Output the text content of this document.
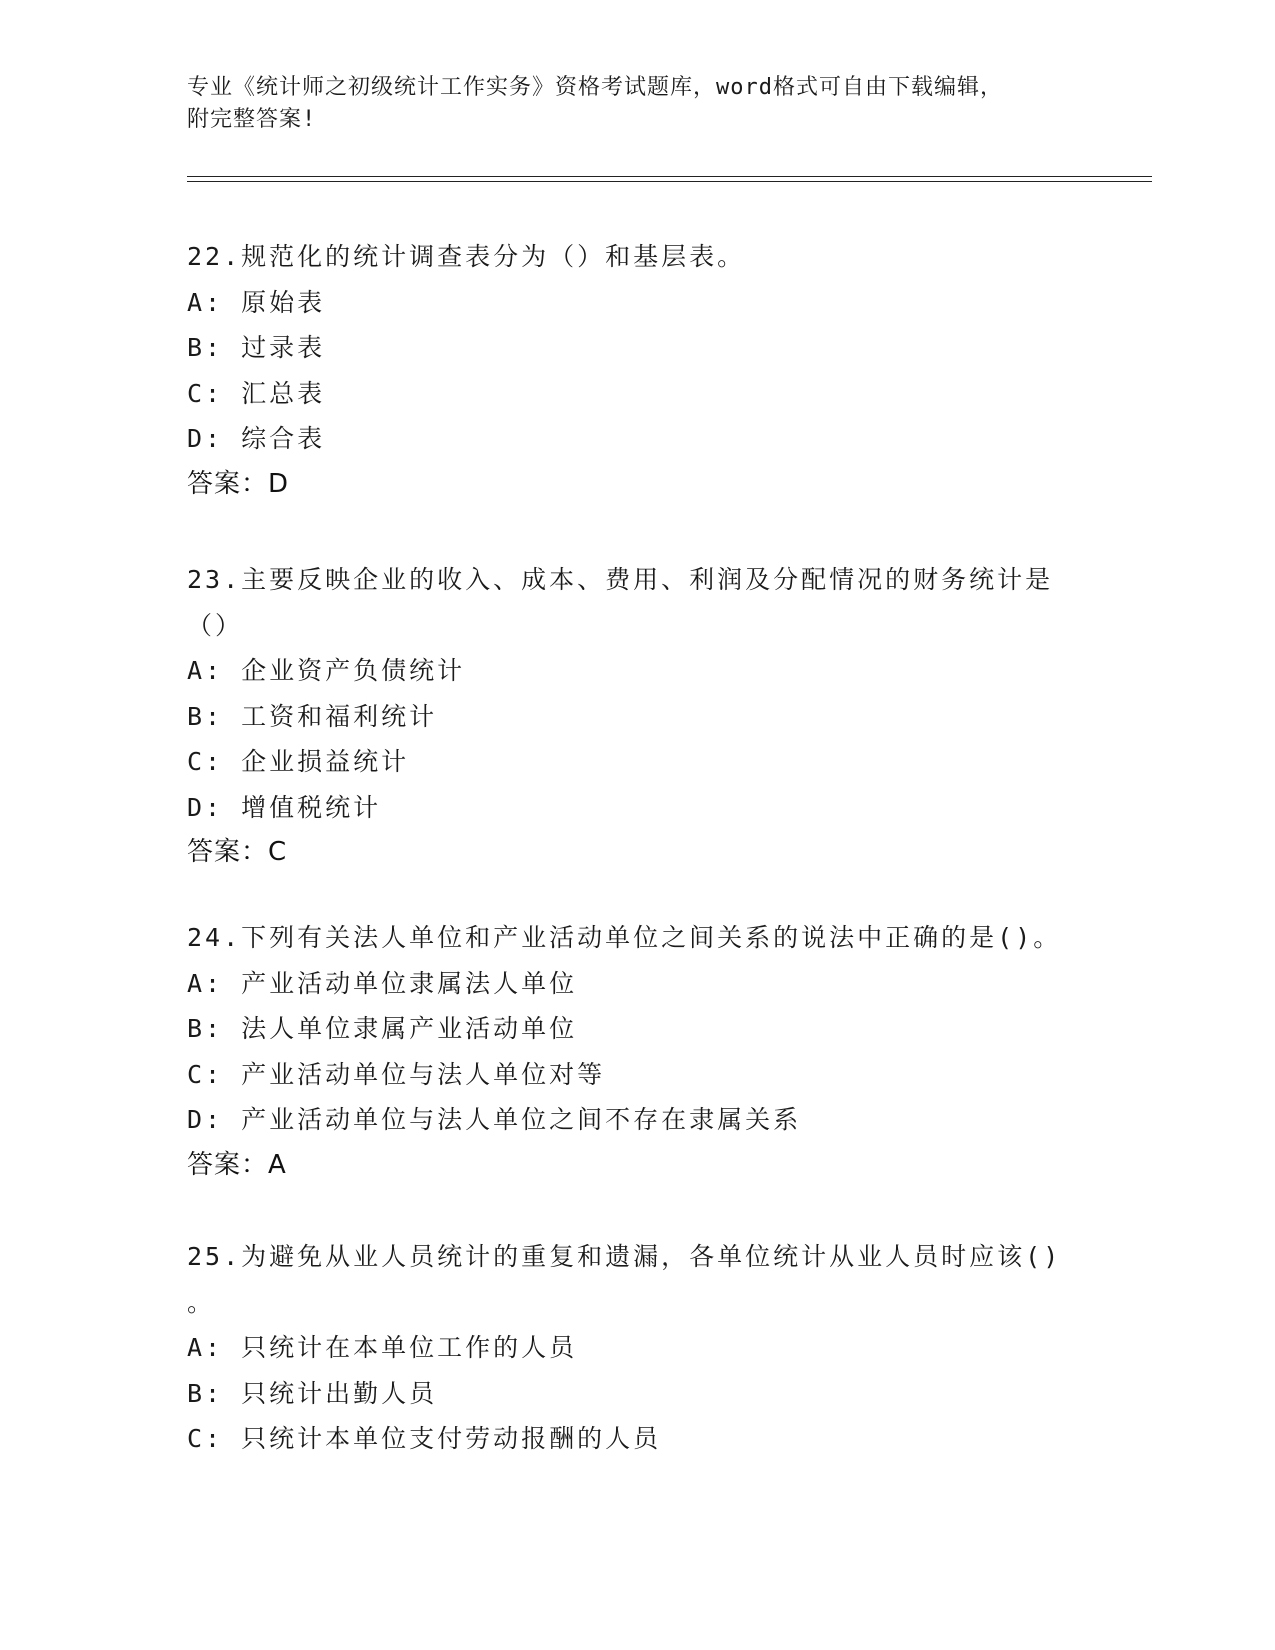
专业《统计师之初级统计工作实务》资格考试题库，word格式可自由下载编辑，
附完整答案!
22.规范化的统计调查表分为（）和基层表。
A: 原始表
B: 过录表
C: 汇总表
D: 综合表
答案：D
23.主要反映企业的收入、成本、费用、利润及分配情况的财务统计是
（）
A: 企业资产负债统计
B: 工资和福利统计
C: 企业损益统计
D: 增值税统计
答案：C
24.下列有关法人单位和产业活动单位之间关系的说法中正确的是()。
A: 产业活动单位隶属法人单位
B: 法人单位隶属产业活动单位
C: 产业活动单位与法人单位对等
D: 产业活动单位与法人单位之间不存在隶属关系
答案：A
25.为避免从业人员统计的重复和遗漏，各单位统计从业人员时应该()
。
A: 只统计在本单位工作的人员
B: 只统计出勤人员
C: 只统计本单位支付劳动报酬的人员
